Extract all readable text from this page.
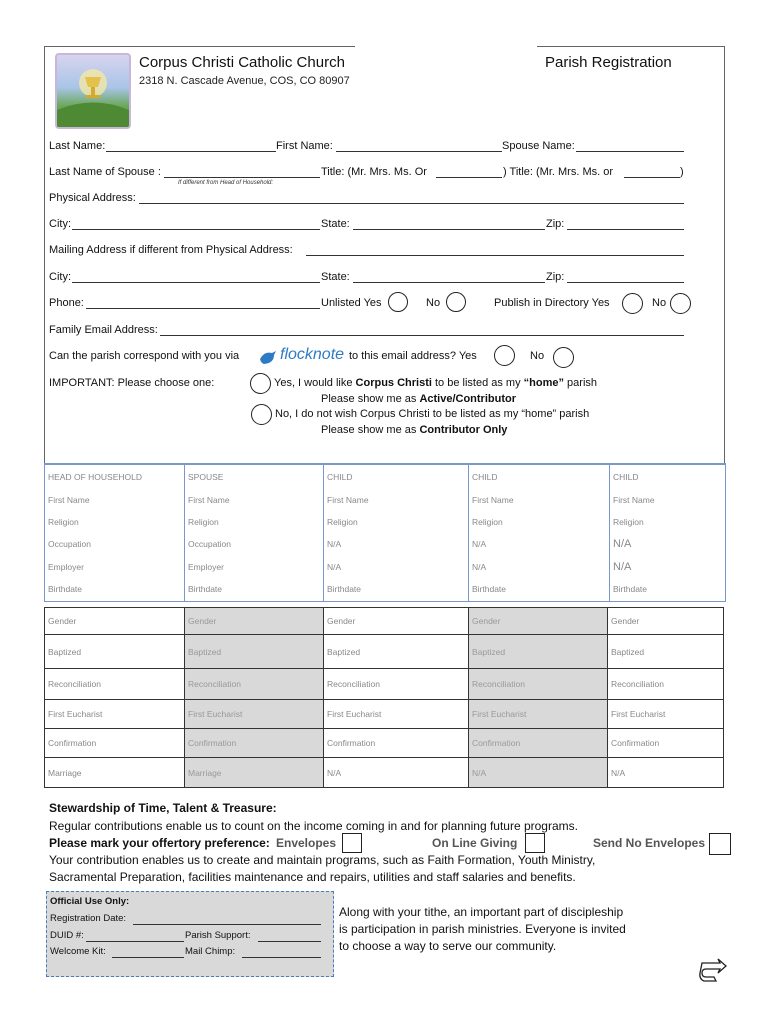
Corpus Christi Catholic Church
2318 N. Cascade Avenue, COS, CO 80907
Parish Registration
Last Name:	First Name:	Spouse Name:
Last Name of Spouse :
If different from Head of Household:
Title: (Mr. Mrs. Ms. Or	) Title: (Mr. Mrs. Ms. or	)
Physical Address:
City:	State:	Zip:
Mailing Address if different from Physical Address:
City:	State:	Zip:
Phone:	Unlisted Yes	No	Publish in Directory Yes	No
Family Email Address:
Can the parish correspond with you via	flocknote to this email address? Yes	No
IMPORTANT: Please choose one:	Yes, I would like Corpus Christi to be listed as my “home” parish
Please show me as Active/Contributor
No, I do not wish Corpus Christi to be listed as my “home” parish
Please show me as Contributor Only
HEAD OF HOUSEHOLD	SPOUSE	CHILD	CHILD	CHILD
First Name	First Name	First Name	First Name	First Name
Religion	Religion	Religion	Religion	Religion
Occupation	Occupation	N/A	N/A	N/A
Employer	Employer	N/A	N/A	N/A
Birthdate	Birthdate	Birthdate	Birthdate	Birthdate
Gender	Gender	Gender	Gender	Gender
Baptized	Baptized	Baptized	Baptized	Baptized
Reconciliation	Reconciliation	Reconciliation	Reconciliation	Reconciliation
First Eucharist	First Eucharist	First Eucharist	First Eucharist	First Eucharist
Confirmation	Confirmation	Confirmation	Confirmation	Confirmation
Marriage	Marriage	N/A	N/A	N/A
Stewardship of Time, Talent & Treasure:
Regular contributions enable us to count on the income coming in and for planning future programs.
Please mark your offertory preference: Envelopes	On Line Giving	Send No Envelopes
Your contribution enables us to create and maintain programs, such as Faith Formation, Youth Ministry,
Sacramental Preparation, facilities maintenance and repairs, utilities and staff salaries and benefits.
Official Use Only:
Registration Date:
DUID #:	Parish Support:
Welcome Kit:	Mail Chimp:
Along with your tithe, an important part of discipleship
is participation in parish ministries. Everyone is invited
to choose a way to serve our community.
